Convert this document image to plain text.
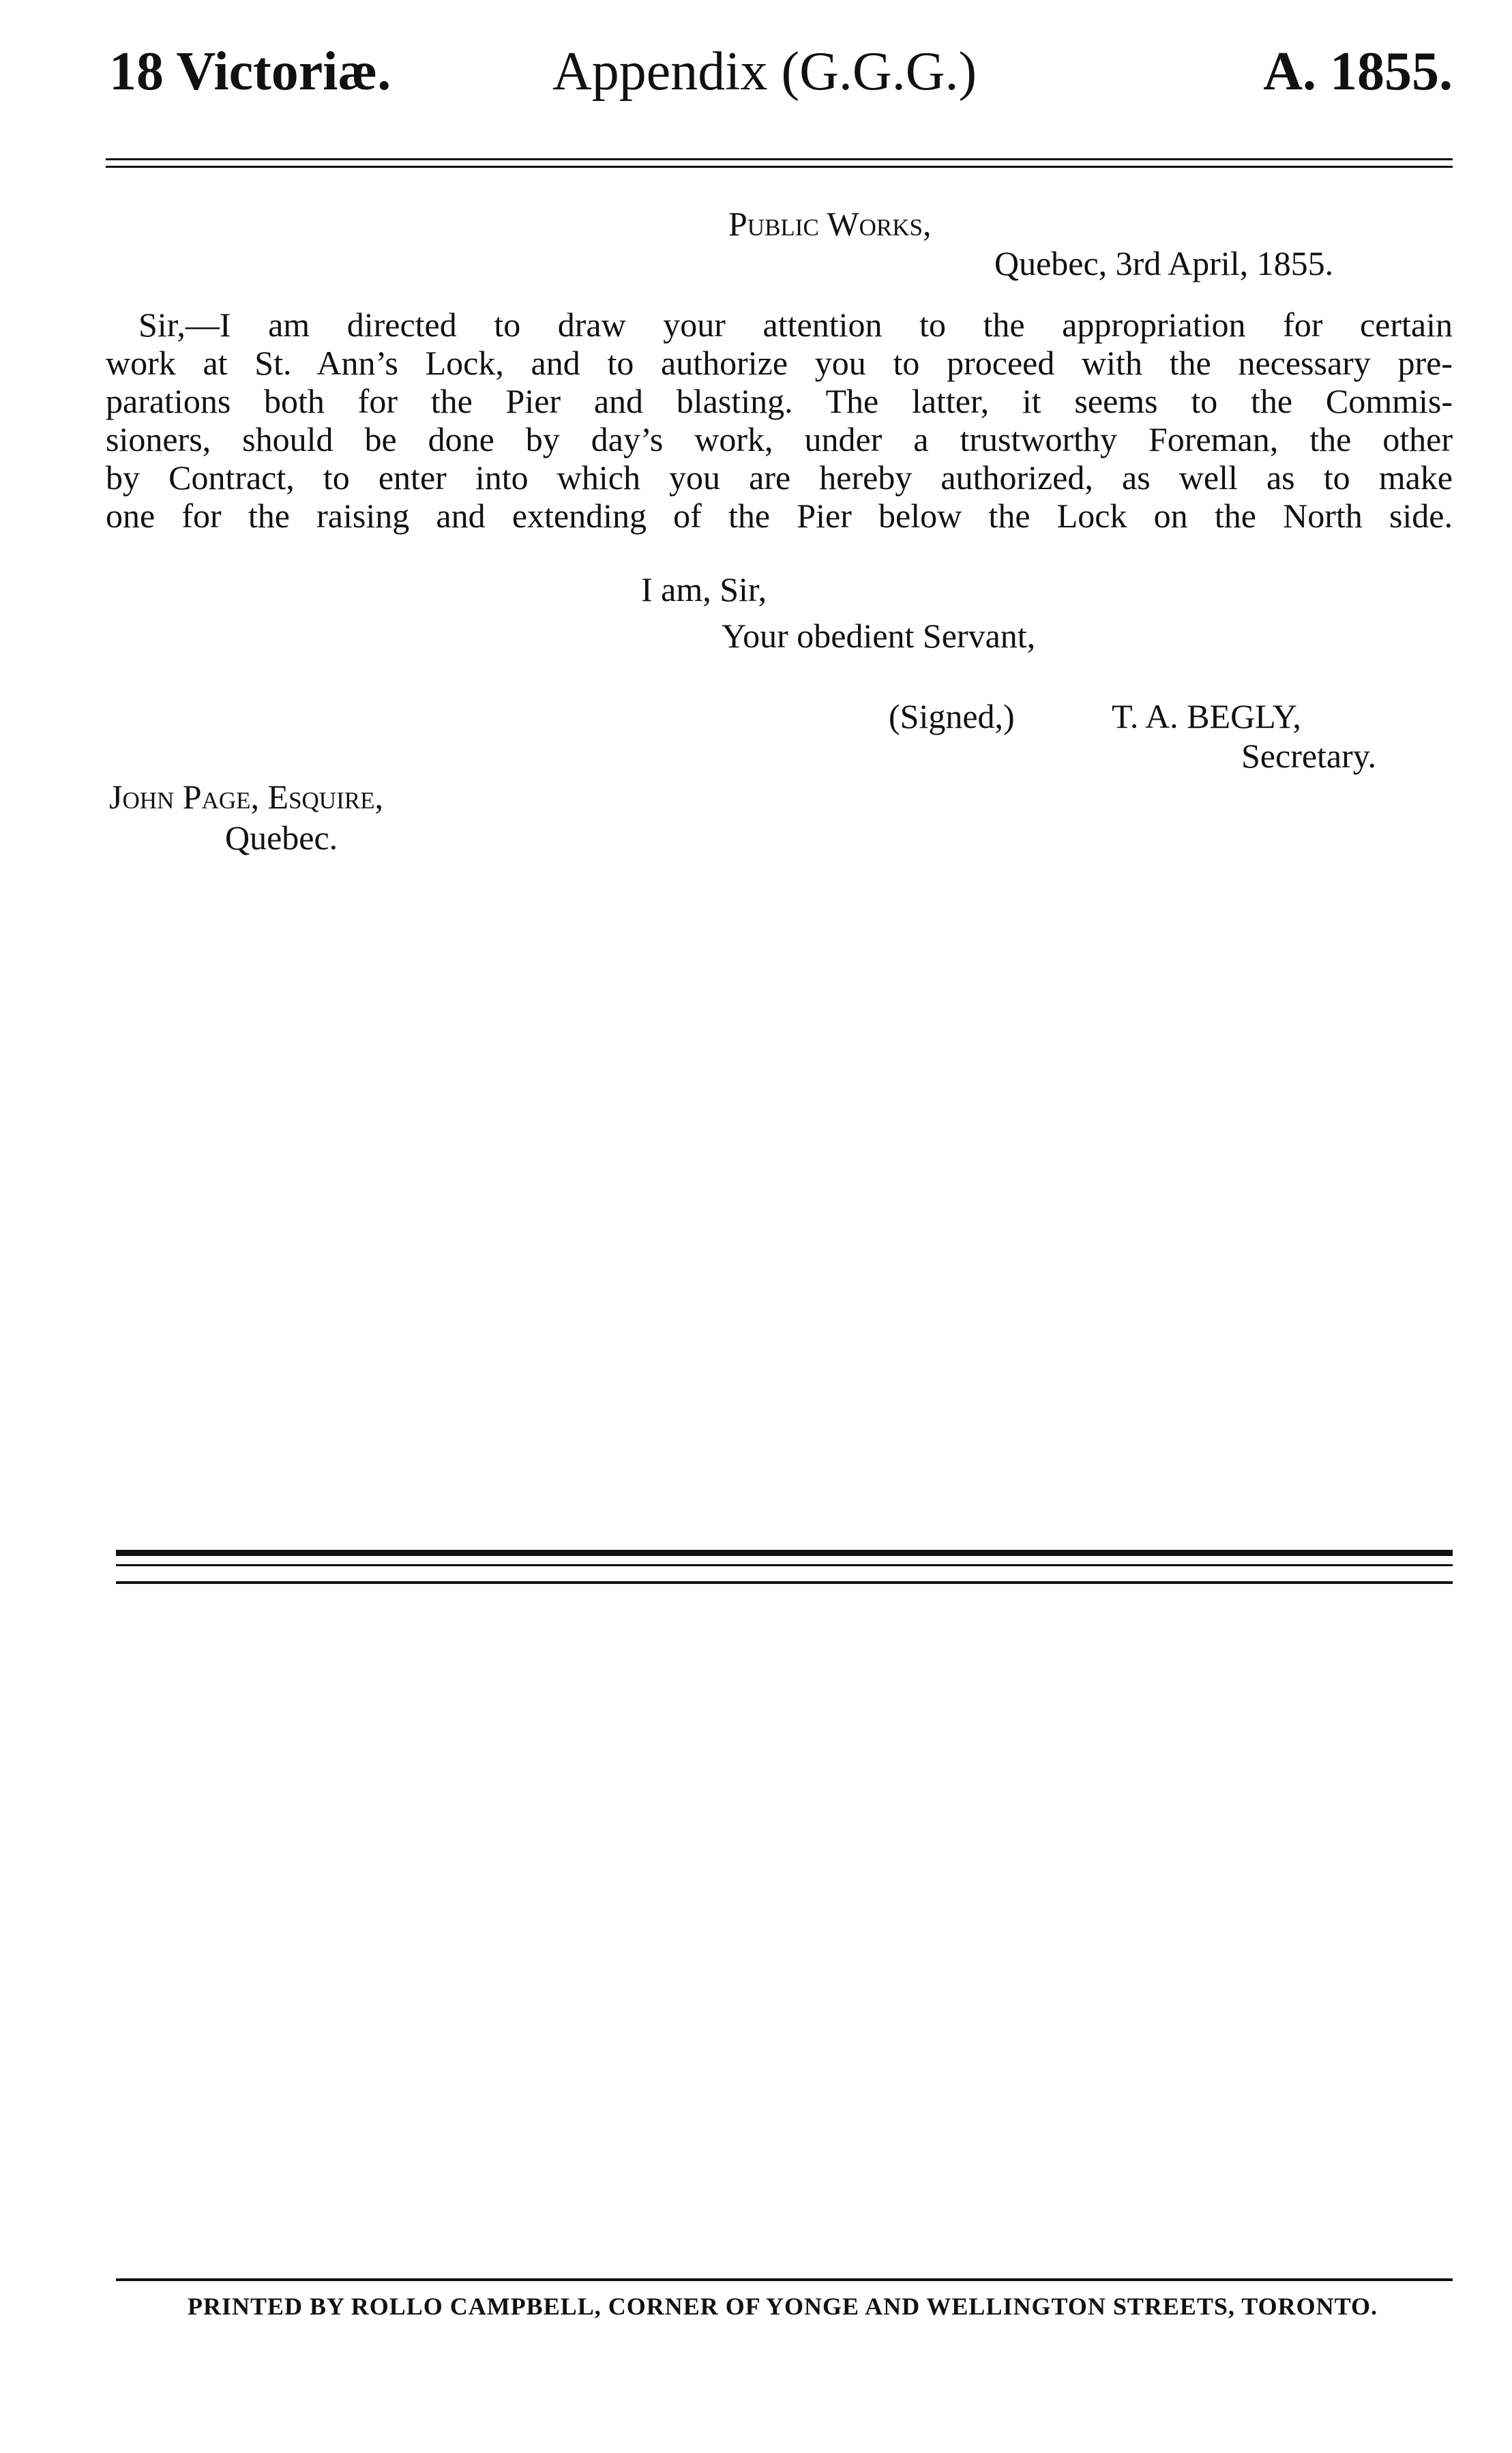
18 Victoriæ.	Appendix (G.G.G.)	A. 1855.
Public Works,
Quebec, 3rd April, 1855.
Sir,—I am directed to draw your attention to the appropriation for certain
work at St. Ann’s Lock, and to authorize you to proceed with the necessary pre-
parations both for the Pier and blasting. The latter, it seems to the Commis-
sioners, should be done by day’s work, under a trustworthy Foreman, the other
by Contract, to enter into which you are hereby authorized, as well as to make
one for the raising and extending of the Pier below the Lock on the North side.
I am, Sir,
Your obedient Servant,
(Signed,)	T. A. BEGLY,
Secretary.
John Page, Esquire,
Quebec.
PRINTED BY ROLLO CAMPBELL, CORNER OF YONGE AND WELLINGTON STREETS, TORONTO.
